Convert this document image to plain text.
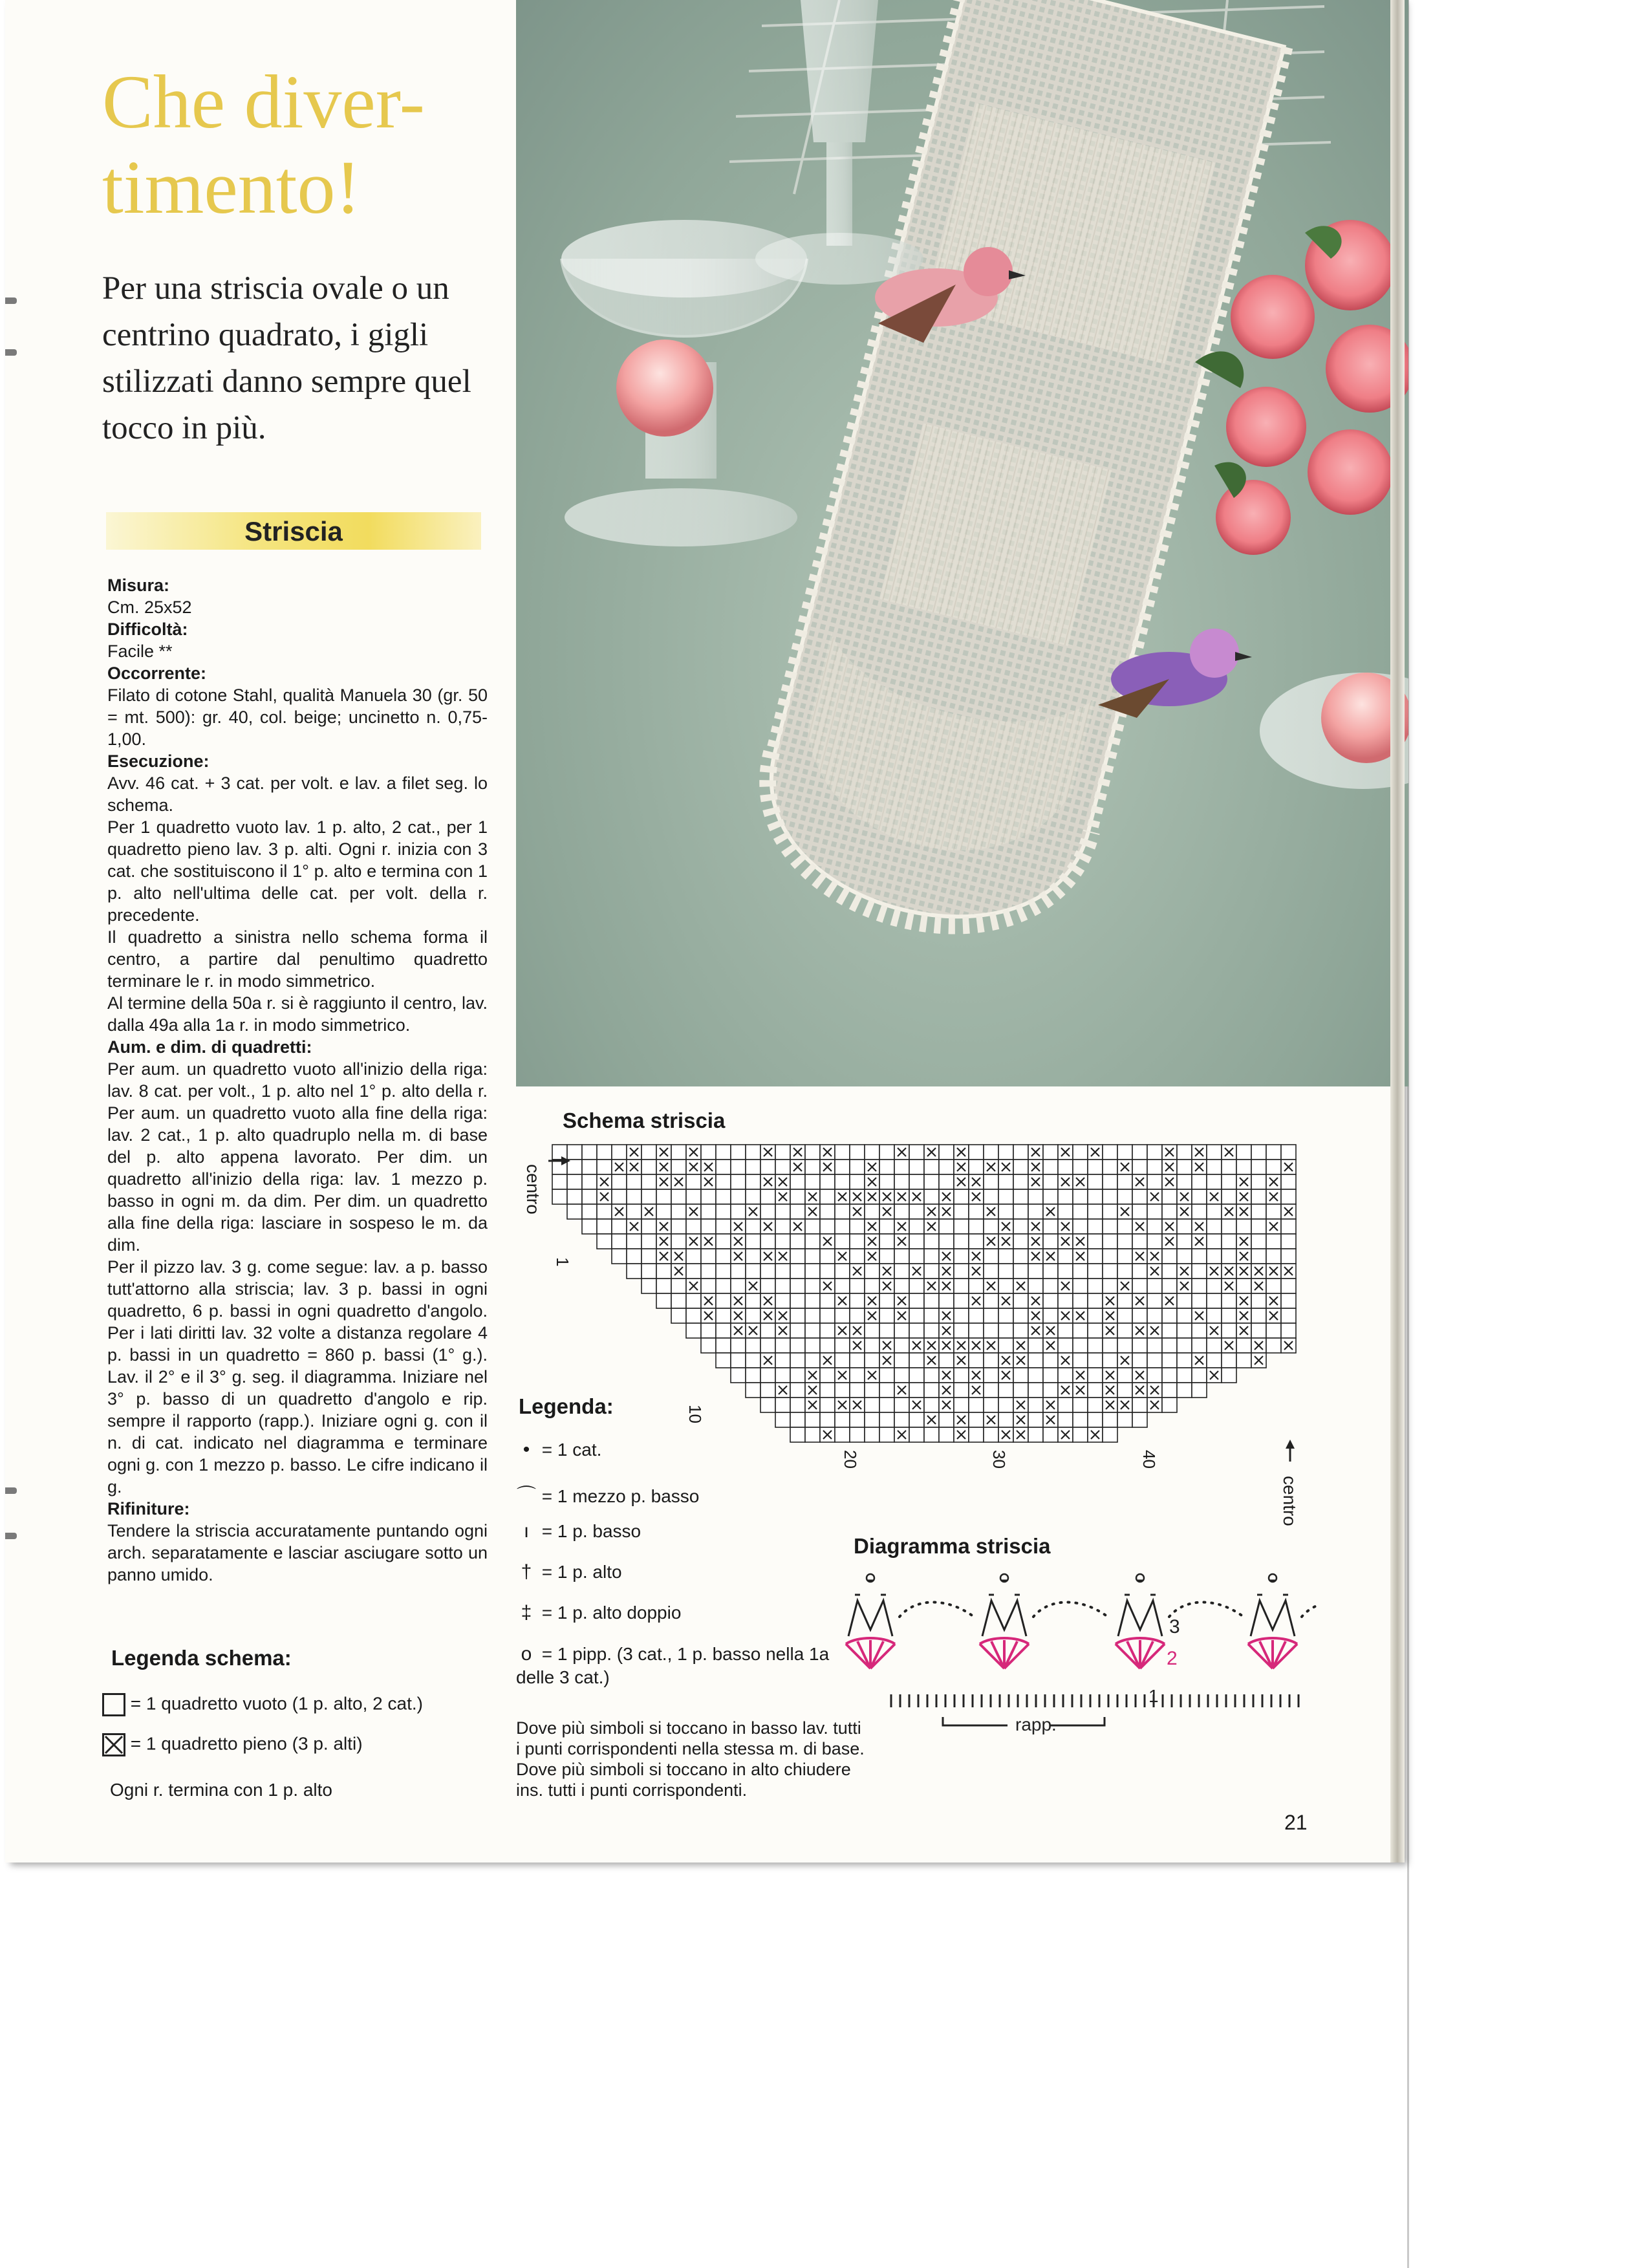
Che diver-
timento!
Per una striscia ovale o un centrino quadrato, i gigli stilizzati danno sempre quel tocco in più.
Striscia

Misura:

Cm. 25x52

Difficoltà:

Facile **

Occorrente:

Filato di cotone Stahl, qualità Manuela 30 (gr. 50 = mt. 500): gr. 40, col. beige; uncinetto n. 0,75-1,00.

Esecuzione:

Avv. 46 cat. + 3 cat. per volt. e lav. a filet seg. lo schema.

Per 1 quadretto vuoto lav. 1 p. alto, 2 cat., per 1 quadretto pieno lav. 3 p. alti. Ogni r. inizia con 3 cat. che sostituiscono il 1° p. alto e termina con 1 p. alto nell'ultima delle cat. per volt. della r. precedente.

Il quadretto a sinistra nello schema forma il centro, a partire dal penultimo quadretto terminare le r. in modo simmetrico.

Al termine della 50a r. si è raggiunto il centro, lav. dalla 49a alla 1a r. in modo simmetrico.

Aum. e dim. di quadretti:

Per aum. un quadretto vuoto all'inizio della riga: lav. 8 cat. per volt., 1 p. alto nel 1° p. alto della r. Per aum. un quadretto vuoto alla fine della riga: lav. 2 cat., 1 p. alto quadruplo nella m. di base del p. alto appena lavorato. Per dim. un quadretto all'inizio della riga: lav. 1 mezzo p. basso in ogni m. da dim. Per dim. un quadretto alla fine della riga: lasciare in sospeso le m. da dim.

Per il pizzo lav. 3 g. come segue: lav. a p. basso tutt'attorno alla striscia; lav. 3 p. bassi in ogni quadretto, 6 p. bassi in ogni quadretto d'angolo. Per i lati diritti lav. 32 volte a distanza regolare 4 p. bassi in un quadretto = 860 p. bassi (1° g.). Lav. il 2° e il 3° g. seg. il diagramma. Iniziare nel 3° p. basso di un quadretto d'angolo e rip. sempre il rapporto (rapp.). Iniziare ogni g. con il n. di cat. indicato nel diagramma e terminare ogni g. con 1 mezzo p. basso. Le cifre indicano il g.

Rifiniture:

Tendere la striscia accuratamente puntando ogni arch. separatamente e lasciar asciugare sotto un panno umido.

Legenda schema:
= 1 quadretto vuoto (1 p. alto, 2 cat.)
= 1 quadretto pieno (3 p. alti)
Ogni r. termina con 1 p. alto
Schema striscia
centro
1
10
20	30	40
centro
Legenda:
• = 1 cat.
⌒ = 1 mezzo p. basso
ı = 1 p. basso
† = 1 p. alto
‡ = 1 p. alto doppio
o = 1 pipp. (3 cat., 1 p. basso nella 1a delle 3 cat.)
Diagramma striscia
rapp.
1
2
3
Dove più simboli si toccano in basso lav. tutti i punti corrispondenti nella stessa m. di base. Dove più simboli si toccano in alto chiudere ins. tutti i punti corrispondenti.
21
